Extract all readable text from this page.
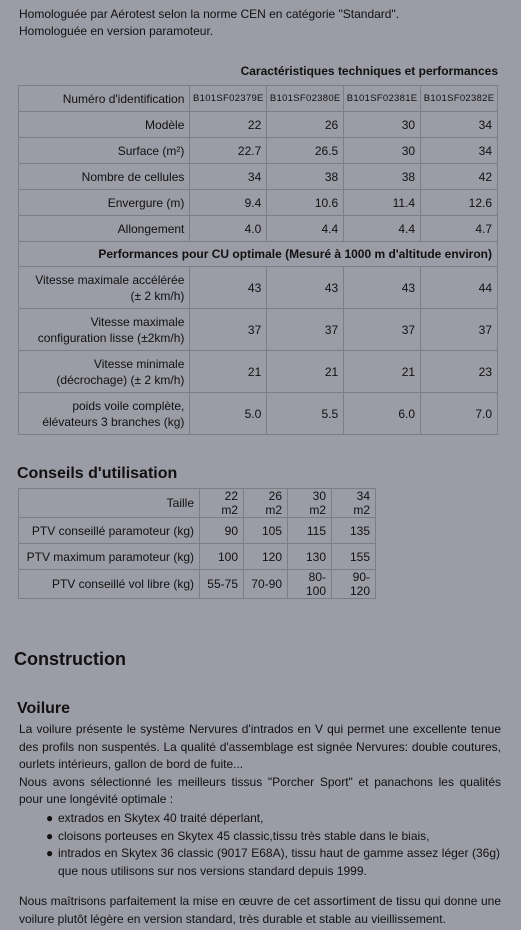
Homologuée par Aérotest selon la norme CEN en catégorie "Standard".
Homologuée en version paramoteur.
Caractéristiques techniques et performances
Numéro d'identification	B101SF02379E	B101SF02380E	B101SF02381E	B101SF02382E
Modèle	22	26	30	34
Surface (m²)	22.7	26.5	30	34
Nombre de cellules	34	38	38	42
Envergure (m)	9.4	10.6	11.4	12.6
Allongement	4.0	4.4	4.4	4.7
Performances pour CU optimale (Mesuré à 1000 m d'altitude environ)				

Vitesse maximale accélérée
(± 2 km/h)	43	43	43	44

Vitesse maximale
configuration lisse (±2km/h)	37	37	37	37

Vitesse minimale
(décrochage) (± 2 km/h)	21	21	21	23

poids voile complète,
élévateurs 3 branches (kg)	5.0	5.5	6.0	7.0
Conseils d'utilisation
Taille	22 m2	26 m2	30 m2	34 m2
PTV conseillé paramoteur (kg)	90	105	115	135
PTV maximum paramoteur (kg)	100	120	130	155
PTV conseillé vol libre (kg)	55-75	70-90	80-100	90-120
Construction
Voilure
La voilure présente le système Nervures d'intrados en V qui permet une excellente tenue des profils non suspentés. La qualité d'assemblage est signée Nervures: double coutures, ourlets intérieurs, gallon de bord de fuite...
Nous avons sélectionné les meilleurs tissus "Porcher Sport" et panachons les qualités pour une longévité optimale :
● extrados en Skytex 40 traité déperlant,
● cloisons porteuses en Skytex 45 classic,tissu très stable dans le biais,
● intrados en Skytex 36 classic (9017 E68A), tissu haut de gamme assez léger (36g) que nous utilisons sur nos versions standard depuis 1999.
Nous maîtrisons parfaitement la mise en œuvre de cet assortiment de tissu qui donne une voilure plutôt légère en version standard, très durable et stable au vieillissement.
